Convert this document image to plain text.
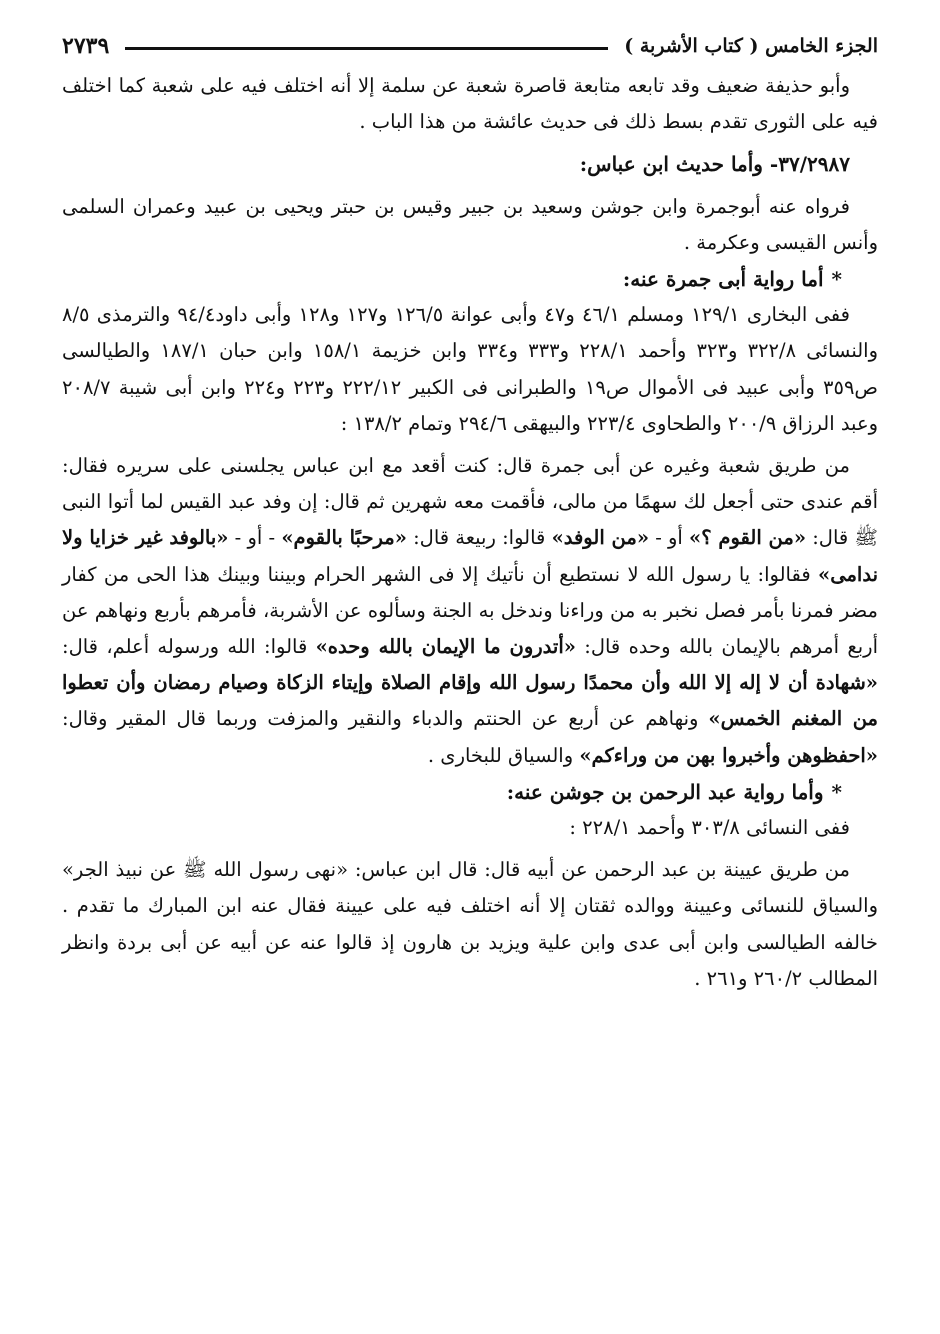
الجزء الخامس ( كتاب الأشربة )
٢٧٣٩

وأبو حذيفة ضعيف وقد تابعه متابعة قاصرة شعبة عن سلمة إلا أنه اختلف فيه على شعبة كما اختلف فيه على الثورى تقدم بسط ذلك فى حديث عائشة من هذا الباب .

٣٧/٢٩٨٧- وأما حديث ابن عباس:

فرواه عنه أبوجمرة وابن جوشن وسعيد بن جبير وقيس بن حبتر ويحيى بن عبيد وعمران السلمى وأنس القيسى وعكرمة .

*أما رواية أبى جمرة عنه:

ففى البخارى ١٢٩/١ ومسلم ٤٦/١ و٤٧ وأبى عوانة ١٢٦/٥ و١٢٧ و١٢٨ وأبى داود٩٤/٤ والترمذى ٨/٥ والنسائى ٣٢٢/٨ و٣٢٣ وأحمد ٢٢٨/١ و٣٣٣ و٣٣٤ وابن خزيمة ١٥٨/١ وابن حبان ١٨٧/١ والطيالسى ص٣٥٩ وأبى عبيد فى الأموال ص١٩ والطبرانى فى الكبير ٢٢٢/١٢ و٢٢٣ و٢٢٤ وابن أبى شيبة ٢٠٨/٧ وعبد الرزاق ٢٠٠/٩ والطحاوى ٢٢٣/٤ والبيهقى ٢٩٤/٦ وتمام ١٣٨/٢ :

من طريق شعبة وغيره عن أبى جمرة قال: كنت أقعد مع ابن عباس يجلسنى على سريره فقال: أقم عندى حتى أجعل لك سهمًا من مالى، فأقمت معه شهرين ثم قال: إن وفد عبد القيس لما أتوا النبى ﷺ قال: «من القوم ؟» أو - «من الوفد» قالوا: ربيعة قال: «مرحبًا بالقوم» - أو - «بالوفد غير خزايا ولا ندامى» فقالوا: يا رسول الله لا نستطيع أن نأتيك إلا فى الشهر الحرام وبيننا وبينك هذا الحى من كفار مضر فمرنا بأمر فصل نخبر به من وراءنا وندخل به الجنة وسألوه عن الأشربة، فأمرهم بأربع ونهاهم عن أربع أمرهم بالإيمان بالله وحده قال: «أتدرون ما الإيمان بالله وحده» قالوا: الله ورسوله أعلم، قال: «شهادة أن لا إله إلا الله وأن محمدًا رسول الله وإقام الصلاة وإيتاء الزكاة وصيام رمضان وأن تعطوا من المغنم الخمس» ونهاهم عن أربع عن الحنتم والدباء والنقير والمزفت وربما قال المقير وقال: «احفظوهن وأخبروا بهن من وراءكم» والسياق للبخارى .

*وأما رواية عبد الرحمن بن جوشن عنه:

ففى النسائى ٣٠٣/٨ وأحمد ٢٢٨/١ :

من طريق عيينة بن عبد الرحمن عن أبيه قال: قال ابن عباس: «نهى رسول الله ﷺ عن نبيذ الجر» والسياق للنسائى وعيينة ووالده ثقتان إلا أنه اختلف فيه على عيينة فقال عنه ابن المبارك ما تقدم . خالفه الطيالسى وابن أبى عدى وابن علية ويزيد بن هارون إذ قالوا عنه عن أبيه عن أبى بردة وانظر المطالب ٢٦٠/٢ و٢٦١ .
